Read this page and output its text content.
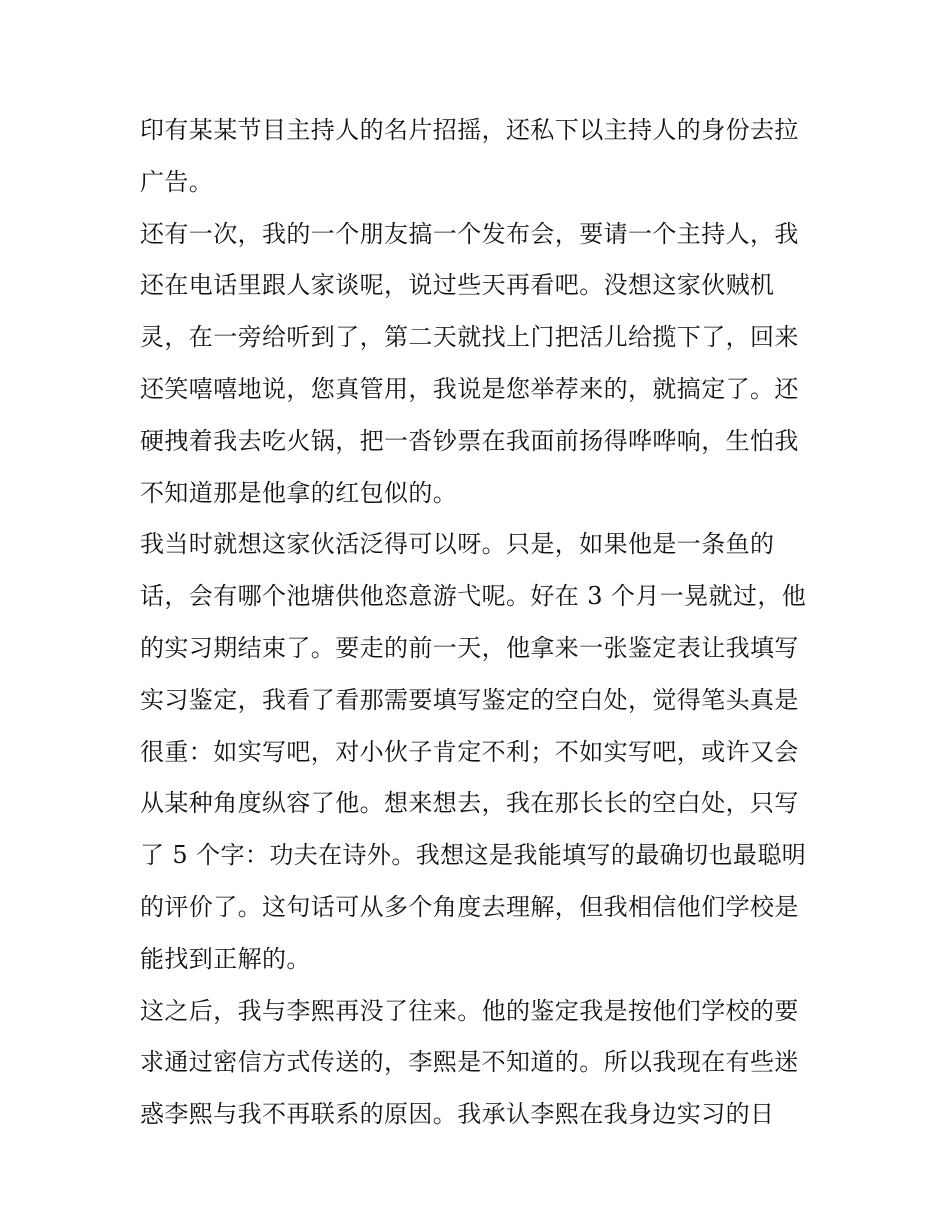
印有某某节目主持人的名片招摇，还私下以主持人的身份去拉
广告。
还有一次，我的一个朋友搞一个发布会，要请一个主持人，我
还在电话里跟人家谈呢，说过些天再看吧。没想这家伙贼机
灵，在一旁给听到了，第二天就找上门把活儿给揽下了，回来
还笑嘻嘻地说，您真管用，我说是您举荐来的，就搞定了。还
硬拽着我去吃火锅，把一沓钞票在我面前扬得哗哗响，生怕我
不知道那是他拿的红包似的。
我当时就想这家伙活泛得可以呀。只是，如果他是一条鱼的
话，会有哪个池塘供他恣意游弋呢。好在 3 个月一晃就过，他
的实习期结束了。要走的前一天，他拿来一张鉴定表让我填写
实习鉴定，我看了看那需要填写鉴定的空白处，觉得笔头真是
很重：如实写吧，对小伙子肯定不利；不如实写吧，或许又会
从某种角度纵容了他。想来想去，我在那长长的空白处，只写
了 5 个字：功夫在诗外。我想这是我能填写的最确切也最聪明
的评价了。这句话可从多个角度去理解，但我相信他们学校是
能找到正解的。
这之后，我与李熙再没了往来。他的鉴定我是按他们学校的要
求通过密信方式传送的，李熙是不知道的。所以我现在有些迷
惑李熙与我不再联系的原因。我承认李熙在我身边实习的日
